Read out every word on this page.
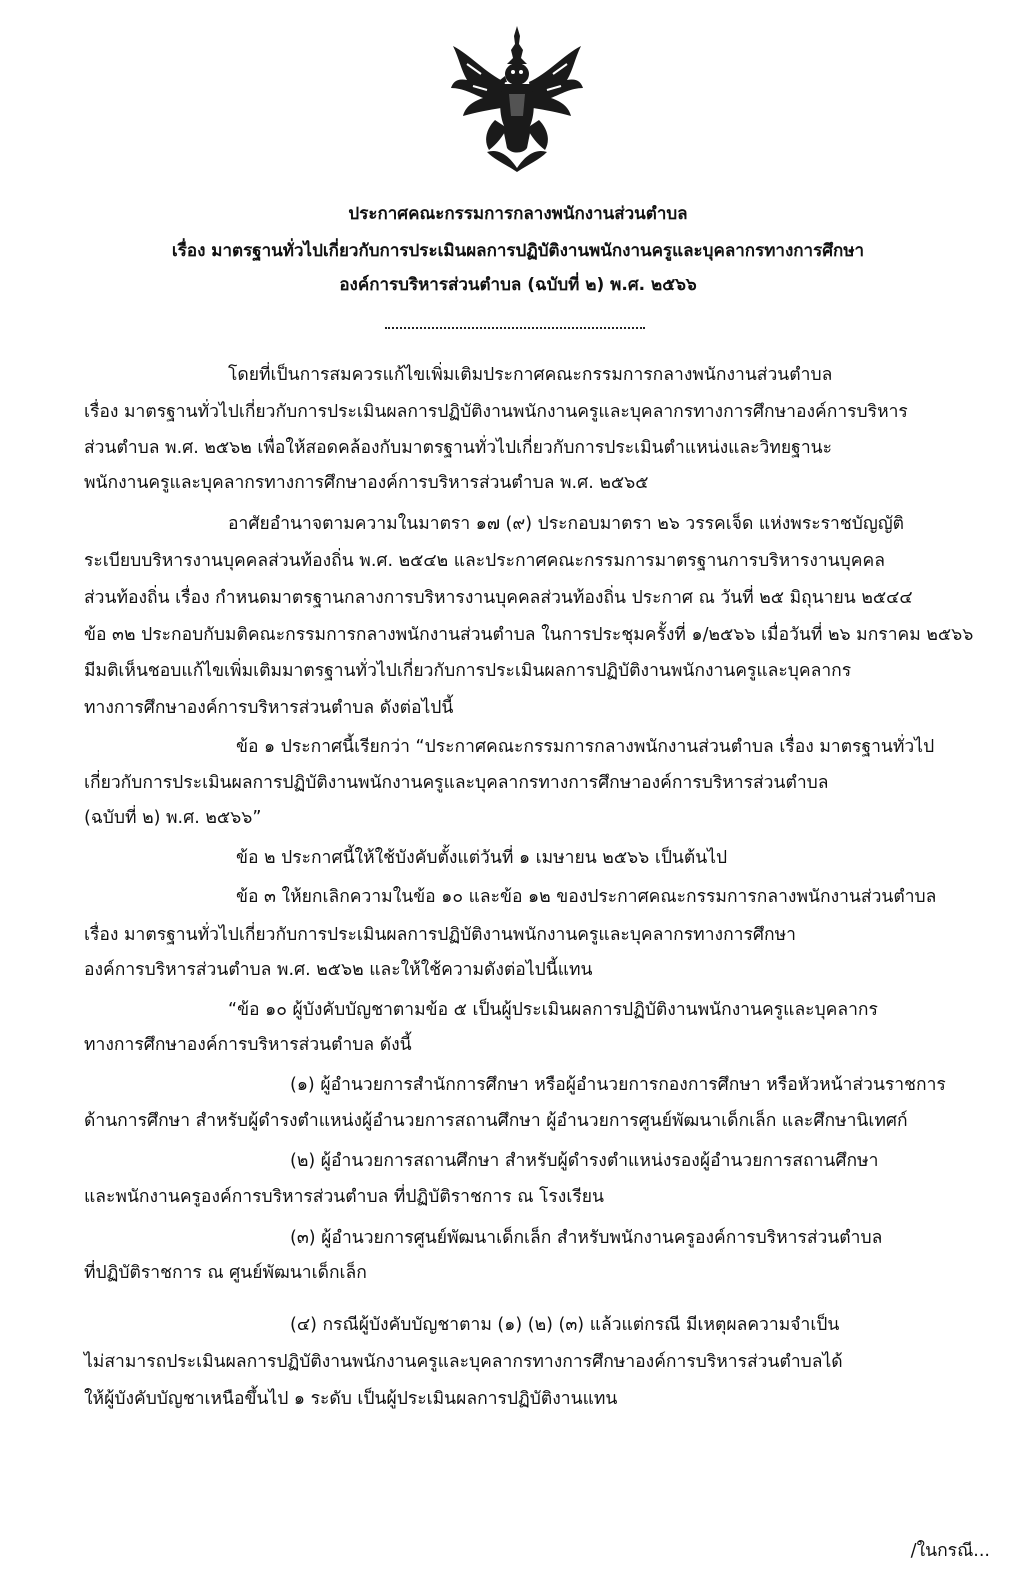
ประกาศคณะกรรมการกลางพนักงานส่วนตำบล
เรื่อง มาตรฐานทั่วไปเกี่ยวกับการประเมินผลการปฏิบัติงานพนักงานครูและบุคลากรทางการศึกษา
องค์การบริหารส่วนตำบล (ฉบับที่ ๒) พ.ศ. ๒๕๖๖
โดยที่เป็นการสมควรแก้ไขเพิ่มเติมประกาศคณะกรรมการกลางพนักงานส่วนตำบล
เรื่อง มาตรฐานทั่วไปเกี่ยวกับการประเมินผลการปฏิบัติงานพนักงานครูและบุคลากรทางการศึกษาองค์การบริหาร
ส่วนตำบล พ.ศ. ๒๕๖๒ เพื่อให้สอดคล้องกับมาตรฐานทั่วไปเกี่ยวกับการประเมินตำแหน่งและวิทยฐานะ
พนักงานครูและบุคลากรทางการศึกษาองค์การบริหารส่วนตำบล พ.ศ. ๒๕๖๕
อาศัยอำนาจตามความในมาตรา ๑๗ (๙) ประกอบมาตรา ๒๖ วรรคเจ็ด แห่งพระราชบัญญัติ
ระเบียบบริหารงานบุคคลส่วนท้องถิ่น พ.ศ. ๒๕๔๒ และประกาศคณะกรรมการมาตรฐานการบริหารงานบุคคล
ส่วนท้องถิ่น เรื่อง กำหนดมาตรฐานกลางการบริหารงานบุคคลส่วนท้องถิ่น ประกาศ ณ วันที่ ๒๕ มิถุนายน ๒๕๔๔
ข้อ ๓๒ ประกอบกับมติคณะกรรมการกลางพนักงานส่วนตำบล ในการประชุมครั้งที่ ๑/๒๕๖๖ เมื่อวันที่ ๒๖ มกราคม ๒๕๖๖
มีมติเห็นชอบแก้ไขเพิ่มเติมมาตรฐานทั่วไปเกี่ยวกับการประเมินผลการปฏิบัติงานพนักงานครูและบุคลากร
ทางการศึกษาองค์การบริหารส่วนตำบล ดังต่อไปนี้
ข้อ ๑ ประกาศนี้เรียกว่า “ประกาศคณะกรรมการกลางพนักงานส่วนตำบล เรื่อง มาตรฐานทั่วไป
เกี่ยวกับการประเมินผลการปฏิบัติงานพนักงานครูและบุคลากรทางการศึกษาองค์การบริหารส่วนตำบล
(ฉบับที่ ๒) พ.ศ. ๒๕๖๖”
ข้อ ๒ ประกาศนี้ให้ใช้บังคับตั้งแต่วันที่ ๑ เมษายน ๒๕๖๖ เป็นต้นไป
ข้อ ๓ ให้ยกเลิกความในข้อ ๑๐ และข้อ ๑๒ ของประกาศคณะกรรมการกลางพนักงานส่วนตำบล
เรื่อง มาตรฐานทั่วไปเกี่ยวกับการประเมินผลการปฏิบัติงานพนักงานครูและบุคลากรทางการศึกษา
องค์การบริหารส่วนตำบล พ.ศ. ๒๕๖๒ และให้ใช้ความดังต่อไปนี้แทน
“ข้อ ๑๐ ผู้บังคับบัญชาตามข้อ ๕ เป็นผู้ประเมินผลการปฏิบัติงานพนักงานครูและบุคลากร
ทางการศึกษาองค์การบริหารส่วนตำบล ดังนี้
(๑) ผู้อำนวยการสำนักการศึกษา หรือผู้อำนวยการกองการศึกษา หรือหัวหน้าส่วนราชการ
ด้านการศึกษา สำหรับผู้ดำรงตำแหน่งผู้อำนวยการสถานศึกษา ผู้อำนวยการศูนย์พัฒนาเด็กเล็ก และศึกษานิเทศก์
(๒) ผู้อำนวยการสถานศึกษา สำหรับผู้ดำรงตำแหน่งรองผู้อำนวยการสถานศึกษา
และพนักงานครูองค์การบริหารส่วนตำบล ที่ปฏิบัติราชการ ณ โรงเรียน
(๓) ผู้อำนวยการศูนย์พัฒนาเด็กเล็ก สำหรับพนักงานครูองค์การบริหารส่วนตำบล
ที่ปฏิบัติราชการ ณ ศูนย์พัฒนาเด็กเล็ก
(๔) กรณีผู้บังคับบัญชาตาม (๑) (๒) (๓) แล้วแต่กรณี มีเหตุผลความจำเป็น
ไม่สามารถประเมินผลการปฏิบัติงานพนักงานครูและบุคลากรทางการศึกษาองค์การบริหารส่วนตำบลได้
ให้ผู้บังคับบัญชาเหนือขึ้นไป ๑ ระดับ เป็นผู้ประเมินผลการปฏิบัติงานแทน
/ในกรณี...
